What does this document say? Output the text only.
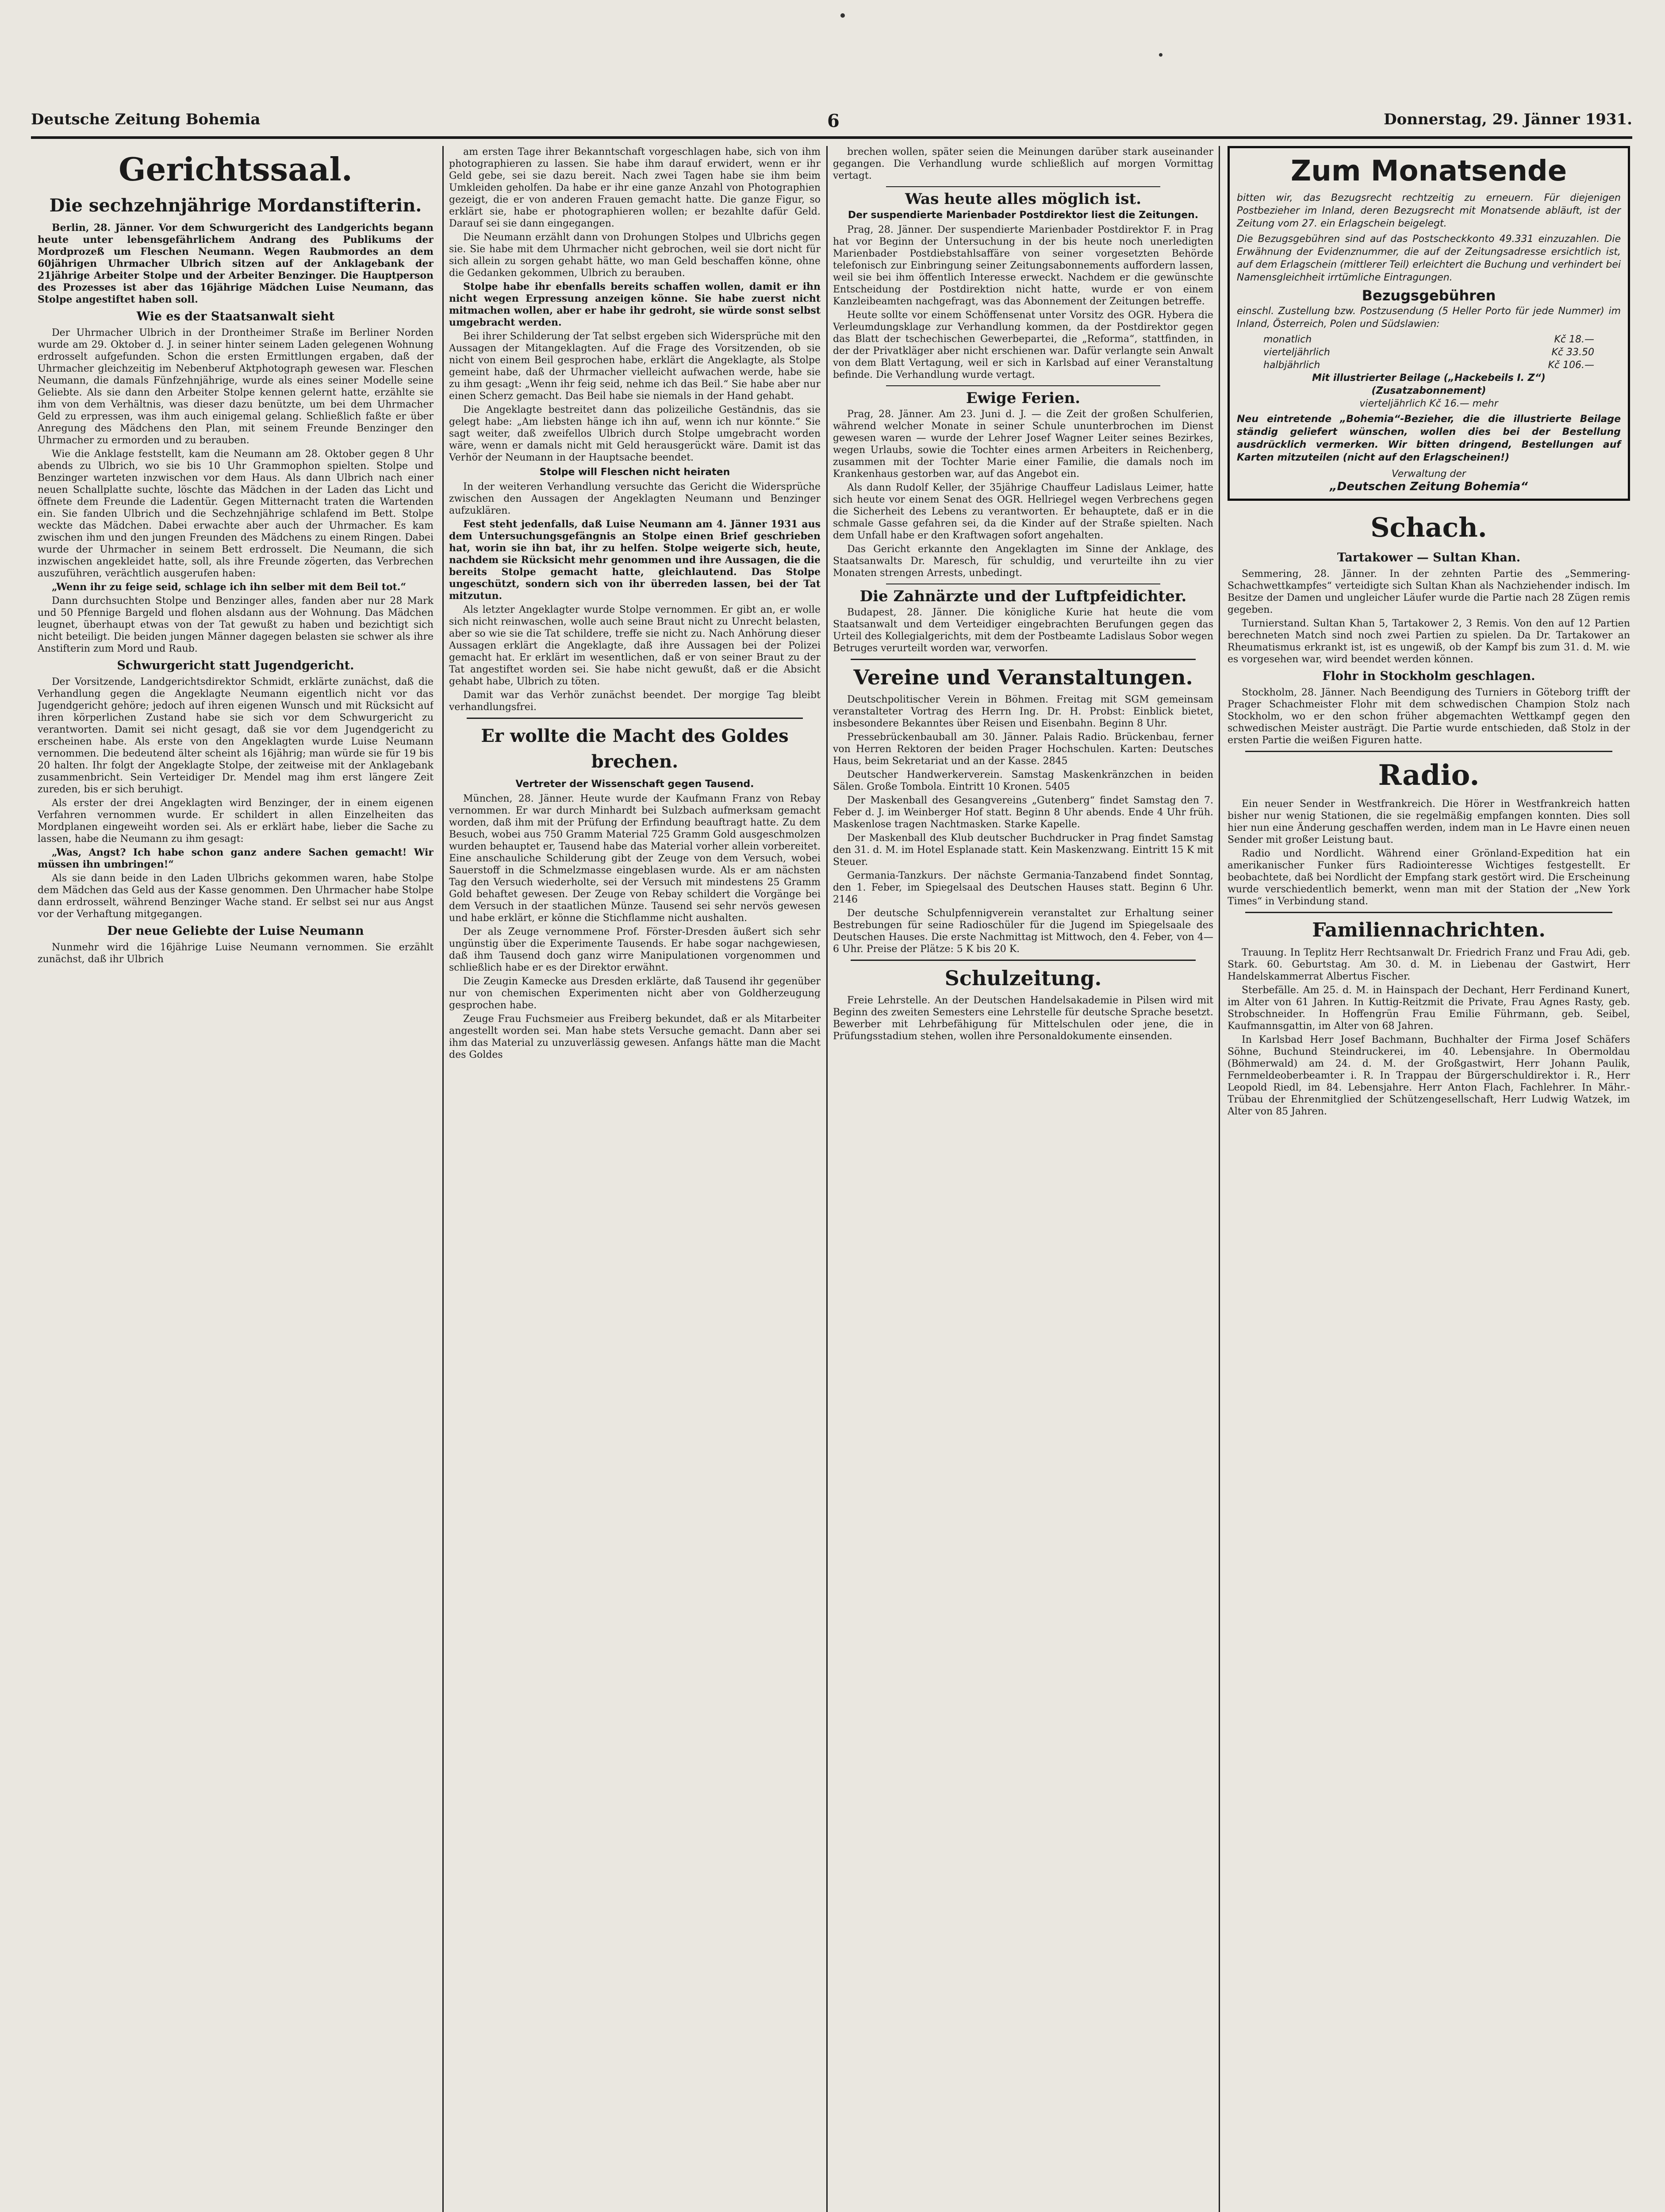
Deutsche Zeitung Bohemia	6	Donnerstag, 29. Jänner 1931.
Gerichtssaal.
Die sechzehnjährige Mordanstifterin.

Berlin, 28. Jänner. Vor dem Schwurgericht des Landgerichts begann heute unter lebensgefährlichem Andrang des Publikums der Mordprozeß um Fleschen Neumann. Wegen Raubmordes an dem 60jährigen Uhrmacher Ulbrich sitzen auf der Anklagebank der 21jährige Arbeiter Stolpe und der Arbeiter Benzinger. Die Hauptperson des Prozesses ist aber das 16jährige Mädchen Luise Neumann, das Stolpe angestiftet haben soll.

Wie es der Staatsanwalt sieht

Der Uhrmacher Ulbrich in der Drontheimer Straße im Berliner Norden wurde am 29. Oktober d. J. in seiner hinter seinem Laden gelegenen Wohnung erdrosselt aufgefunden. Schon die ersten Ermittlungen ergaben, daß der Uhrmacher gleichzeitig im Nebenberuf Aktphotograph gewesen war. Fleschen Neumann, die damals Fünfzehnjährige, wurde als eines seiner Modelle seine Geliebte. Als sie dann den Arbeiter Stolpe kennen gelernt hatte, erzählte sie ihm von dem Verhältnis, was dieser dazu benützte, um bei dem Uhrmacher Geld zu erpressen, was ihm auch einigemal gelang. Schließlich faßte er über Anregung des Mädchens den Plan, mit seinem Freunde Benzinger den Uhrmacher zu ermorden und zu berauben.

Wie die Anklage feststellt, kam die Neumann am 28. Oktober gegen 8 Uhr abends zu Ulbrich, wo sie bis 10 Uhr Grammophon spielten. Stolpe und Benzinger warteten inzwischen vor dem Haus. Als dann Ulbrich nach einer neuen Schallplatte suchte, löschte das Mädchen in der Laden das Licht und öffnete dem Freunde die Ladentür. Gegen Mitternacht traten die Wartenden ein. Sie fanden Ulbrich und die Sechzehnjährige schlafend im Bett. Stolpe weckte das Mädchen. Dabei erwachte aber auch der Uhrmacher. Es kam zwischen ihm und den jungen Freunden des Mädchens zu einem Ringen. Dabei wurde der Uhrmacher in seinem Bett erdrosselt. Die Neumann, die sich inzwischen angekleidet hatte, soll, als ihre Freunde zögerten, das Verbrechen auszuführen, verächtlich ausgerufen haben:

„Wenn ihr zu feige seid, schlage ich ihn selber mit dem Beil tot.“

Dann durchsuchten Stolpe und Benzinger alles, fanden aber nur 28 Mark und 50 Pfennige Bargeld und flohen alsdann aus der Wohnung. Das Mädchen leugnet, überhaupt etwas von der Tat gewußt zu haben und bezichtigt sich nicht beteiligt. Die beiden jungen Männer dagegen belasten sie schwer als ihre Anstifterin zum Mord und Raub.

Schwurgericht statt Jugendgericht.

Der Vorsitzende, Landgerichtsdirektor Schmidt, erklärte zunächst, daß die Verhandlung gegen die Angeklagte Neumann eigentlich nicht vor das Jugendgericht gehöre; jedoch auf ihren eigenen Wunsch und mit Rücksicht auf ihren körperlichen Zustand habe sie sich vor dem Schwurgericht zu verantworten. Damit sei nicht gesagt, daß sie vor dem Jugendgericht zu erscheinen habe. Als erste von den Angeklagten wurde Luise Neumann vernommen. Die bedeutend älter scheint als 16jährig; man würde sie für 19 bis 20 halten. Ihr folgt der Angeklagte Stolpe, der zeitweise mit der Anklagebank zusammenbricht. Sein Verteidiger Dr. Mendel mag ihm erst längere Zeit zureden, bis er sich beruhigt.

Als erster der drei Angeklagten wird Benzinger, der in einem eigenen Verfahren vernommen wurde. Er schildert in allen Einzelheiten das Mordplanen eingeweiht worden sei. Als er erklärt habe, lieber die Sache zu lassen, habe die Neumann zu ihm gesagt:

„Was, Angst? Ich habe schon ganz andere Sachen gemacht! Wir müssen ihn umbringen!“

Als sie dann beide in den Laden Ulbrichs gekommen waren, habe Stolpe dem Mädchen das Geld aus der Kasse genommen. Den Uhrmacher habe Stolpe dann erdrosselt, während Benzinger Wache stand. Er selbst sei nur aus Angst vor der Verhaftung mitgegangen.

Der neue Geliebte der Luise Neumann

Nunmehr wird die 16jährige Luise Neumann vernommen. Sie erzählt zunächst, daß ihr Ulbrich

am ersten Tage ihrer Bekanntschaft vorgeschlagen habe, sich von ihm photographieren zu lassen. Sie habe ihm darauf erwidert, wenn er ihr Geld gebe, sei sie dazu bereit. Nach zwei Tagen habe sie ihm beim Umkleiden geholfen. Da habe er ihr eine ganze Anzahl von Photographien gezeigt, die er von anderen Frauen gemacht hatte. Die ganze Figur, so erklärt sie, habe er photographieren wollen; er bezahlte dafür Geld. Darauf sei sie dann eingegangen.

Die Neumann erzählt dann von Drohungen Stolpes und Ulbrichs gegen sie. Sie habe mit dem Uhrmacher nicht gebrochen, weil sie dort nicht für sich allein zu sorgen gehabt hätte, wo man Geld beschaffen könne, ohne die Gedanken gekommen, Ulbrich zu berauben.

Stolpe habe ihr ebenfalls bereits schaffen wollen, damit er ihn nicht wegen Erpressung anzeigen könne. Sie habe zuerst nicht mitmachen wollen, aber er habe ihr gedroht, sie würde sonst selbst umgebracht werden.

Bei ihrer Schilderung der Tat selbst ergeben sich Widersprüche mit den Aussagen der Mitangeklagten. Auf die Frage des Vorsitzenden, ob sie nicht von einem Beil gesprochen habe, erklärt die Angeklagte, als Stolpe gemeint habe, daß der Uhrmacher vielleicht aufwachen werde, habe sie zu ihm gesagt: „Wenn ihr feig seid, nehme ich das Beil.“ Sie habe aber nur einen Scherz gemacht. Das Beil habe sie niemals in der Hand gehabt.

Die Angeklagte bestreitet dann das polizeiliche Geständnis, das sie gelegt habe: „Am liebsten hänge ich ihn auf, wenn ich nur könnte.“ Sie sagt weiter, daß zweifellos Ulbrich durch Stolpe umgebracht worden wäre, wenn er damals nicht mit Geld herausgerückt wäre. Damit ist das Verhör der Neumann in der Hauptsache beendet.

Stolpe will Fleschen nicht heiraten

In der weiteren Verhandlung versuchte das Gericht die Widersprüche zwischen den Aussagen der Angeklagten Neumann und Benzinger aufzuklären.

Fest steht jedenfalls, daß Luise Neumann am 4. Jänner 1931 aus dem Untersuchungsgefängnis an Stolpe einen Brief geschrieben hat, worin sie ihn bat, ihr zu helfen. Stolpe weigerte sich, heute, nachdem sie Rücksicht mehr genommen und ihre Aussagen, die die bereits Stolpe gemacht hatte, gleichlautend. Das Stolpe ungeschützt, sondern sich von ihr überreden lassen, bei der Tat mitzutun.

Als letzter Angeklagter wurde Stolpe vernommen. Er gibt an, er wolle sich nicht reinwaschen, wolle auch seine Braut nicht zu Unrecht belasten, aber so wie sie die Tat schildere, treffe sie nicht zu. Nach Anhörung dieser Aussagen erklärt die Angeklagte, daß ihre Aussagen bei der Polizei gemacht hat. Er erklärt im wesentlichen, daß er von seiner Braut zu der Tat angestiftet worden sei. Sie habe nicht gewußt, daß er die Absicht gehabt habe, Ulbrich zu töten.

Damit war das Verhör zunächst beendet. Der morgige Tag bleibt verhandlungsfrei.

Er wollte die Macht des Goldes brechen.
Vertreter der Wissenschaft gegen Tausend.

München, 28. Jänner. Heute wurde der Kaufmann Franz von Rebay vernommen. Er war durch Minhardt bei Sulzbach aufmerksam gemacht worden, daß ihm mit der Prüfung der Erfindung beauftragt hatte. Zu dem Besuch, wobei aus 750 Gramm Material 725 Gramm Gold ausgeschmolzen wurden behauptet er, Tausend habe das Material vorher allein vorbereitet. Eine anschauliche Schilderung gibt der Zeuge von dem Versuch, wobei Sauerstoff in die Schmelzmasse eingeblasen wurde. Als er am nächsten Tag den Versuch wiederholte, sei der Versuch mit mindestens 25 Gramm Gold behaftet gewesen. Der Zeuge von Rebay schildert die Vorgänge bei dem Versuch in der staatlichen Münze. Tausend sei sehr nervös gewesen und habe erklärt, er könne die Stichflamme nicht aushalten.

Der als Zeuge vernommene Prof. Förster-Dresden äußert sich sehr ungünstig über die Experimente Tausends. Er habe sogar nachgewiesen, daß ihm Tausend doch ganz wirre Manipulationen vorgenommen und schließlich habe er es der Direktor erwähnt.

Die Zeugin Kamecke aus Dresden erklärte, daß Tausend ihr gegenüber nur von chemischen Experimenten nicht aber von Goldherzeugung gesprochen habe.

Zeuge Frau Fuchsmeier aus Freiberg bekundet, daß er als Mitarbeiter angestellt worden sei. Man habe stets Versuche gemacht. Dann aber sei ihm das Material zu unzuverlässig gewesen. Anfangs hätte man die Macht des Goldes

brechen wollen, später seien die Meinungen darüber stark auseinander gegangen. Die Verhandlung wurde schließlich auf morgen Vormittag vertagt.

Was heute alles möglich ist.
Der suspendierte Marienbader Postdirektor liest die Zeitungen.

Prag, 28. Jänner. Der suspendierte Marienbader Postdirektor F. in Prag hat vor Beginn der Untersuchung in der bis heute noch unerledigten Marienbader Postdiebstahlsaffäre von seiner vorgesetzten Behörde telefonisch zur Einbringung seiner Zeitungsabonnements auffordern lassen, weil sie bei ihm öffentlich Interesse erweckt. Nachdem er die gewünschte Entscheidung der Postdirektion nicht hatte, wurde er von einem Kanzleibeamten nachgefragt, was das Abonnement der Zeitungen betreffe.

Heute sollte vor einem Schöffensenat unter Vorsitz des OGR. Hybera die Verleumdungsklage zur Verhandlung kommen, da der Postdirektor gegen das Blatt der tschechischen Gewerbepartei, die „Reforma“, stattfinden, in der der Privatkläger aber nicht erschienen war. Dafür verlangte sein Anwalt von dem Blatt Vertagung, weil er sich in Karlsbad auf einer Veranstaltung befinde. Die Verhandlung wurde vertagt.

Ewige Ferien.

Prag, 28. Jänner. Am 23. Juni d. J. — die Zeit der großen Schulferien, während welcher Monate in seiner Schule ununterbrochen im Dienst gewesen waren — wurde der Lehrer Josef Wagner Leiter seines Bezirkes, wegen Urlaubs, sowie die Tochter eines armen Arbeiters in Reichenberg, zusammen mit der Tochter Marie einer Familie, die damals noch im Krankenhaus gestorben war, auf das Angebot ein.

Als dann Rudolf Keller, der 35jährige Chauffeur Ladislaus Leimer, hatte sich heute vor einem Senat des OGR. Hellriegel wegen Verbrechens gegen die Sicherheit des Lebens zu verantworten. Er behauptete, daß er in die schmale Gasse gefahren sei, da die Kinder auf der Straße spielten. Nach dem Unfall habe er den Kraftwagen sofort angehalten.

Das Gericht erkannte den Angeklagten im Sinne der Anklage, des Staatsanwalts Dr. Maresch, für schuldig, und verurteilte ihn zu vier Monaten strengen Arrests, unbedingt.

Die Zahnärzte und der Luftpfeidichter.

Budapest, 28. Jänner. Die königliche Kurie hat heute die vom Staatsanwalt und dem Verteidiger eingebrachten Berufungen gegen das Urteil des Kollegialgerichts, mit dem der Postbeamte Ladislaus Sobor wegen Betruges verurteilt worden war, verworfen.

Vereine und Veranstaltungen.

Deutschpolitischer Verein in Böhmen. Freitag mit SGM gemeinsam veranstalteter Vortrag des Herrn Ing. Dr. H. Probst: Einblick bietet, insbesondere Bekanntes über Reisen und Eisenbahn. Beginn 8 Uhr.

Pressebrückenbauball am 30. Jänner. Palais Radio. Brückenbau, ferner von Herren Rektoren der beiden Prager Hochschulen. Karten: Deutsches Haus, beim Sekretariat und an der Kasse. 2845

Deutscher Handwerkerverein. Samstag Maskenkränzchen in beiden Sälen. Große Tombola. Eintritt 10 Kronen. 5405

Der Maskenball des Gesangvereins „Gutenberg“ findet Samstag den 7. Feber d. J. im Weinberger Hof statt. Beginn 8 Uhr abends. Ende 4 Uhr früh. Maskenlose tragen Nachtmasken. Starke Kapelle.

Der Maskenball des Klub deutscher Buchdrucker in Prag findet Samstag den 31. d. M. im Hotel Esplanade statt. Kein Maskenzwang. Eintritt 15 K mit Steuer.

Germania-Tanzkurs. Der nächste Germania-Tanzabend findet Sonntag, den 1. Feber, im Spiegelsaal des Deutschen Hauses statt. Beginn 6 Uhr. 2146

Der deutsche Schulpfennigverein veranstaltet zur Erhaltung seiner Bestrebungen für seine Radioschüler für die Jugend im Spiegelsaale des Deutschen Hauses. Die erste Nachmittag ist Mittwoch, den 4. Feber, von 4—6 Uhr. Preise der Plätze: 5 K bis 20 K.

Schulzeitung.

Freie Lehrstelle. An der Deutschen Handelsakademie in Pilsen wird mit Beginn des zweiten Semesters eine Lehrstelle für deutsche Sprache besetzt. Bewerber mit Lehrbefähigung für Mittelschulen oder jene, die in Prüfungsstadium stehen, wollen ihre Personaldokumente einsenden.

Zum Monatsende
bitten wir, das Bezugsrecht rechtzeitig zu erneuern. Für diejenigen Postbezieher im Inland, deren Bezugsrecht mit Monatsende abläuft, ist der Zeitung vom 27. ein Erlagschein beigelegt.
Die Bezugsgebühren sind auf das Postscheckkonto 49.331 einzuzahlen. Die Erwähnung der Evidenznummer, die auf der Zeitungsadresse ersichtlich ist, auf dem Erlagschein (mittlerer Teil) erleichtert die Buchung und verhindert bei Namensgleichheit irrtümliche Eintragungen.
Bezugsgebühren
einschl. Zustellung bzw. Postzusendung (5 Heller Porto für jede Nummer) im Inland, Österreich, Polen und Südslawien:
monatlich	Kč 18.—
vierteljährlich	Kč 33.50
halbjährlich	Kč 106.—
Mit illustrierter Beilage („Hackebeils I. Z“)
(Zusatzabonnement)
vierteljährlich Kč 16.— mehr
Neu eintretende „Bohemia“-Bezieher, die die illustrierte Beilage ständig geliefert wünschen, wollen dies bei der Bestellung ausdrücklich vermerken. Wir bitten dringend, Bestellungen auf Karten mitzuteilen (nicht auf den Erlagscheinen!)
Verwaltung der
„Deutschen Zeitung Bohemia“
Schach.
Tartakower — Sultan Khan.

Semmering, 28. Jänner. In der zehnten Partie des „Semmering-Schachwettkampfes“ verteidigte sich Sultan Khan als Nachziehender indisch. Im Besitze der Damen und ungleicher Läufer wurde die Partie nach 28 Zügen remis gegeben.

Turnierstand. Sultan Khan 5, Tartakower 2, 3 Remis. Von den auf 12 Partien berechneten Match sind noch zwei Partien zu spielen. Da Dr. Tartakower an Rheumatismus erkrankt ist, ist es ungewiß, ob der Kampf bis zum 31. d. M. wie es vorgesehen war, wird beendet werden können.

Flohr in Stockholm geschlagen.

Stockholm, 28. Jänner. Nach Beendigung des Turniers in Göteborg trifft der Prager Schachmeister Flohr mit dem schwedischen Champion Stolz nach Stockholm, wo er den schon früher abgemachten Wettkampf gegen den schwedischen Meister austrägt. Die Partie wurde entschieden, daß Stolz in der ersten Partie die weißen Figuren hatte.

Radio.

Ein neuer Sender in Westfrankreich. Die Hörer in Westfrankreich hatten bisher nur wenig Stationen, die sie regelmäßig empfangen konnten. Dies soll hier nun eine Änderung geschaffen werden, indem man in Le Havre einen neuen Sender mit großer Leistung baut.

Radio und Nordlicht. Während einer Grönland-Expedition hat ein amerikanischer Funker fürs Radiointeresse Wichtiges festgestellt. Er beobachtete, daß bei Nordlicht der Empfang stark gestört wird. Die Erscheinung wurde verschiedentlich bemerkt, wenn man mit der Station der „New York Times“ in Verbindung stand.

Familiennachrichten.

Trauung. In Teplitz Herr Rechtsanwalt Dr. Friedrich Franz und Frau Adi, geb. Stark. 60. Geburtstag. Am 30. d. M. in Liebenau der Gastwirt, Herr Handelskammerrat Albertus Fischer.

Sterbefälle. Am 25. d. M. in Hainspach der Dechant, Herr Ferdinand Kunert, im Alter von 61 Jahren. In Kuttig-Reitzmit die Private, Frau Agnes Rasty, geb. Strobschneider. In Hoffengrün Frau Emilie Führmann, geb. Seibel, Kaufmannsgattin, im Alter von 68 Jahren.

In Karlsbad Herr Josef Bachmann, Buchhalter der Firma Josef Schäfers Söhne, Buchund Steindruckerei, im 40. Lebensjahre. In Obermoldau (Böhmerwald) am 24. d. M. der Großgastwirt, Herr Johann Paulik, Fernmeldeoberbeamter i. R. In Trappau der Bürgerschuldirektor i. R., Herr Leopold Riedl, im 84. Lebensjahre. Herr Anton Flach, Fachlehrer. In Mähr.-Trübau der Ehrenmitglied der Schützengesellschaft, Herr Ludwig Watzek, im Alter von 85 Jahren.
